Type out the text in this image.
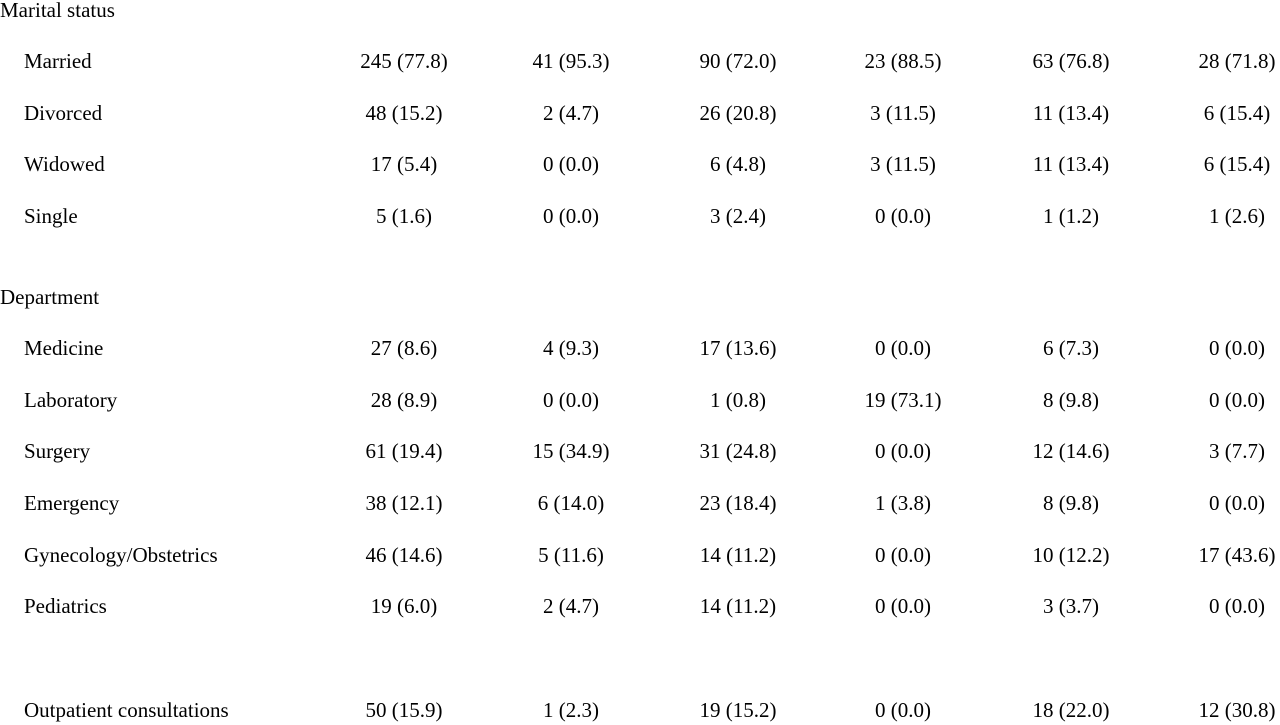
Marital status
Married	245 (77.8)	41 (95.3)	90 (72.0)	23 (88.5)	63 (76.8)	28 (71.8)
Divorced	48 (15.2)	2 (4.7)	26 (20.8)	3 (11.5)	11 (13.4)	6 (15.4)
Widowed	17 (5.4)	0 (0.0)	6 (4.8)	3 (11.5)	11 (13.4)	6 (15.4)
Single	5 (1.6)	0 (0.0)	3 (2.4)	0 (0.0)	1 (1.2)	1 (2.6)
Department
Medicine	27 (8.6)	4 (9.3)	17 (13.6)	0 (0.0)	6 (7.3)	0 (0.0)
Laboratory	28 (8.9)	0 (0.0)	1 (0.8)	19 (73.1)	8 (9.8)	0 (0.0)
Surgery	61 (19.4)	15 (34.9)	31 (24.8)	0 (0.0)	12 (14.6)	3 (7.7)
Emergency	38 (12.1)	6 (14.0)	23 (18.4)	1 (3.8)	8 (9.8)	0 (0.0)
Gynecology/Obstetrics	46 (14.6)	5 (11.6)	14 (11.2)	0 (0.0)	10 (12.2)	17 (43.6)
Pediatrics	19 (6.0)	2 (4.7)	14 (11.2)	0 (0.0)	3 (3.7)	0 (0.0)
Outpatient consultations	50 (15.9)	1 (2.3)	19 (15.2)	0 (0.0)	18 (22.0)	12 (30.8)
